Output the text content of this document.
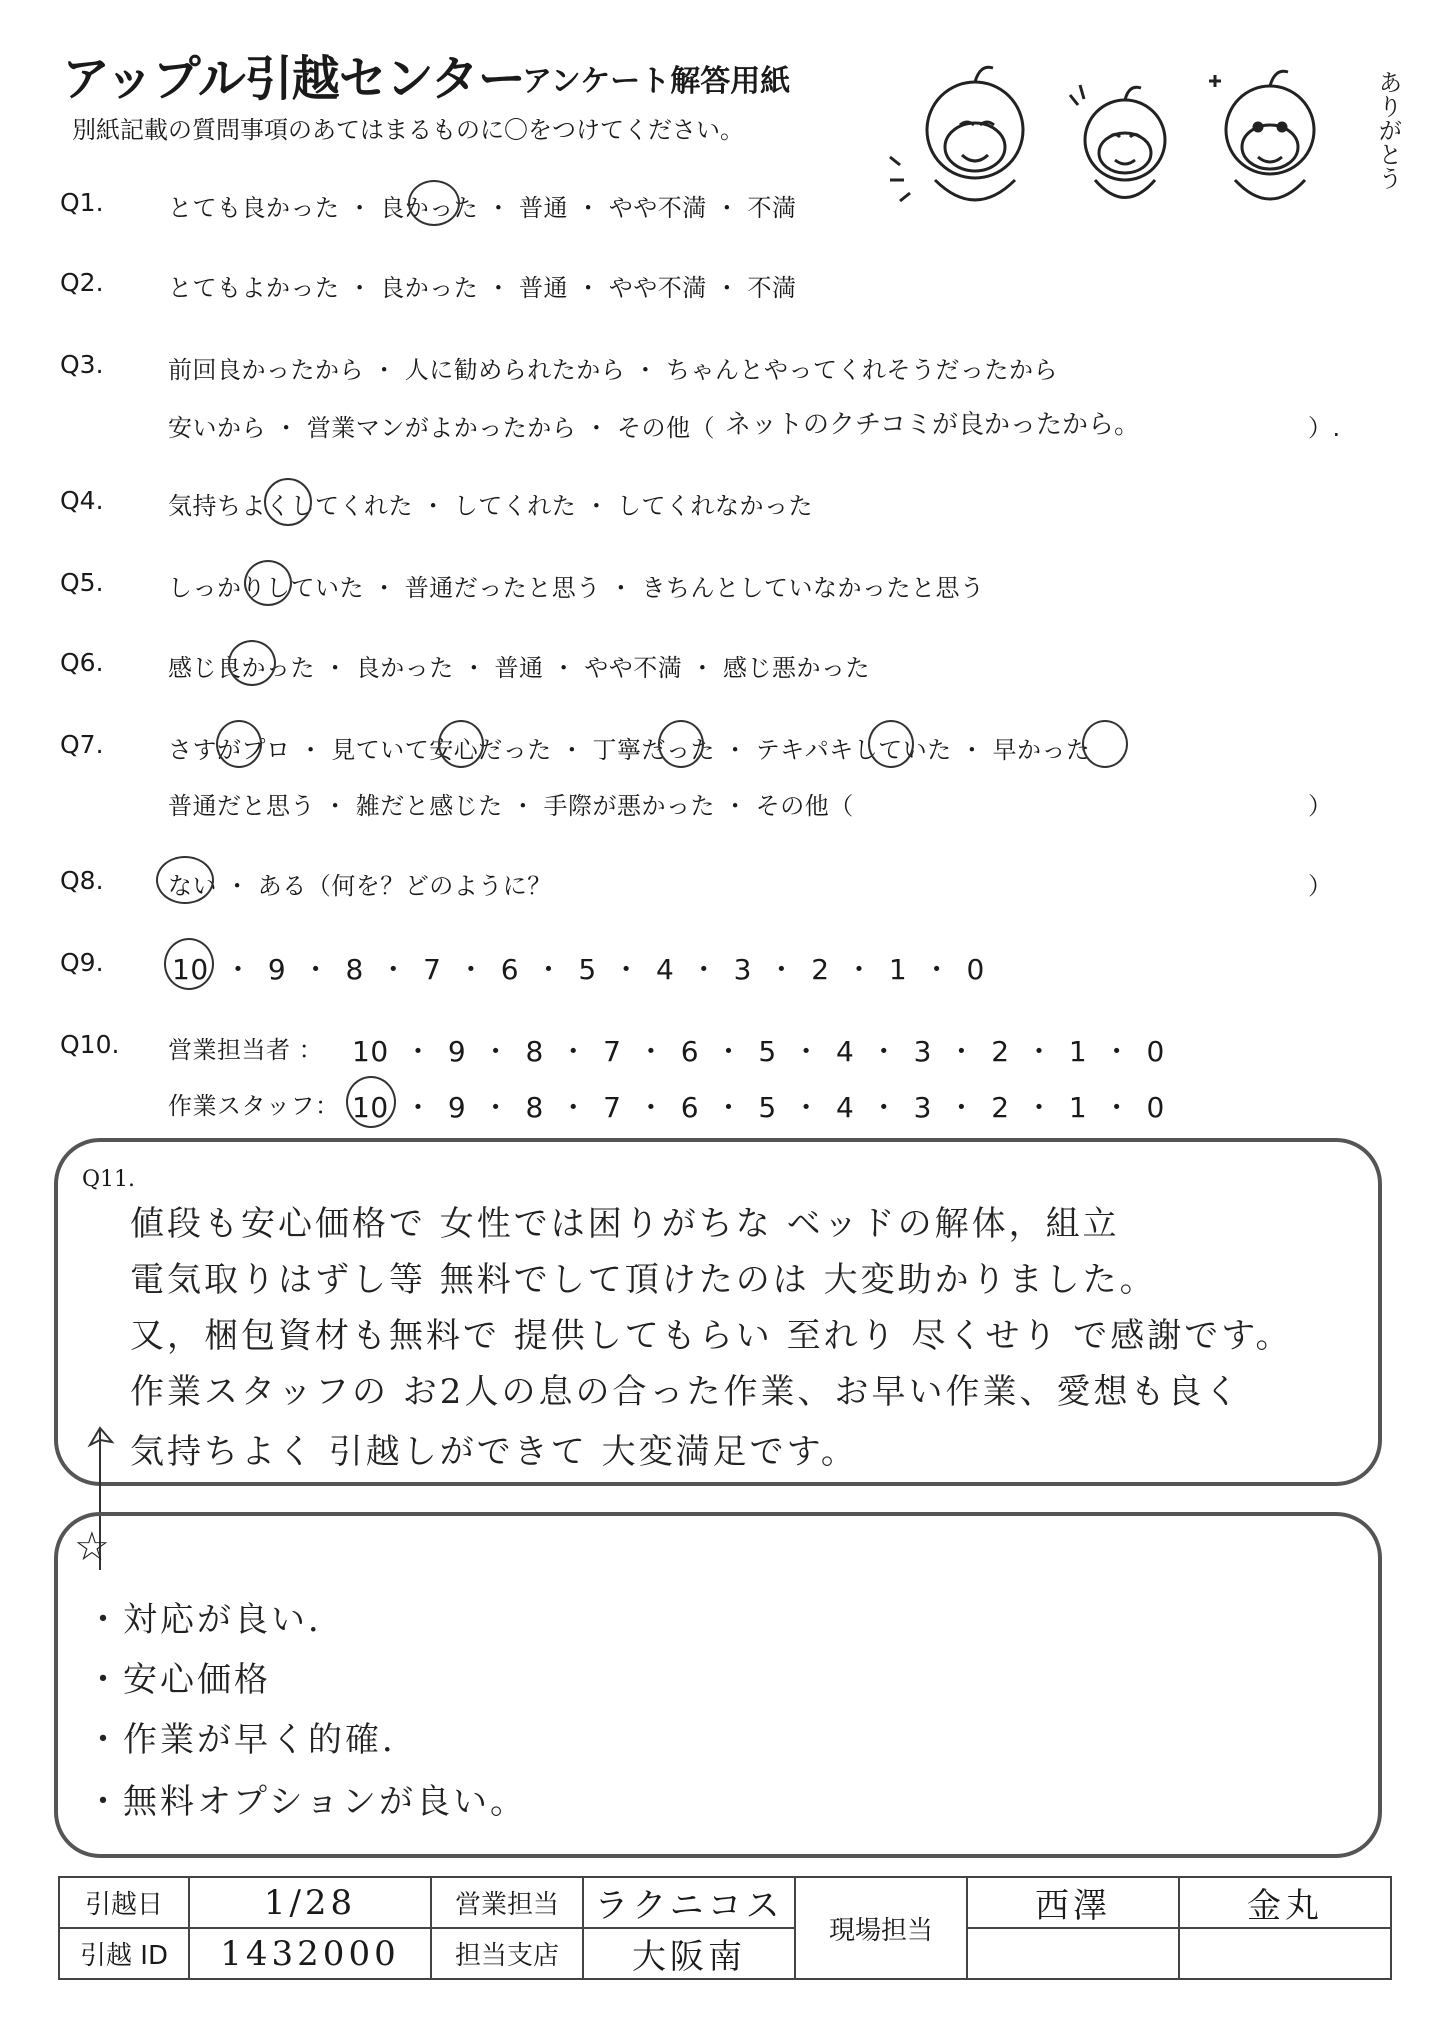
アップル引越センター
アンケート解答用紙
別紙記載の質問事項のあてはまるものに〇をつけてください。	ありがとう
Q1.	とても良かった ・ 良かった ・ 普通 ・ やや不満 ・ 不満
Q2.	とてもよかった ・ 良かった ・ 普通 ・ やや不満 ・ 不満
Q3.	前回良かったから ・ 人に勧められたから ・ ちゃんとやってくれそうだったから
安いから ・ 営業マンがよかったから ・ その他（ ネットのクチコミが良かったから。	）.
Q4.	気持ちよくしてくれた ・ してくれた ・ してくれなかった
Q5.	しっかりしていた ・ 普通だったと思う ・ きちんとしていなかったと思う
Q6.	感じ良かった ・ 良かった ・ 普通 ・ やや不満 ・ 感じ悪かった
Q7.	さすがプロ ・ 見ていて安心だった ・ 丁寧だった ・ テキパキしていた ・ 早かった
普通だと思う ・ 雑だと感じた ・ 手際が悪かった ・ その他（	）
Q8.	ない ・ ある（何を？どのように？	）
Q9. 10 ・ 9 ・ 8 ・ 7 ・ 6 ・ 5 ・ 4 ・ 3 ・ 2 ・ 1 ・ 0
Q10. 営業担当者 ： 10 ・ 9 ・ 8 ・ 7 ・ 6 ・ 5 ・ 4 ・ 3 ・ 2 ・ 1 ・ 0
作業スタッフ： 10 ・ 9 ・ 8 ・ 7 ・ 6 ・ 5 ・ 4 ・ 3 ・ 2 ・ 1 ・ 0
Q11.
値段も安心価格で 女性では困りがちな ベッドの解体，組立
電気取りはずし等 無料でして頂けたのは 大変助かりました。
又，梱包資材も無料で 提供してもらい 至れり 尽くせり で感謝です。
作業スタッフの お2人の息の合った作業、お早い作業、愛想も良く
気持ちよく 引越しができて 大変満足です。
☆
・対応が良い．
・安心価格
・作業が早く的確．
・無料オプションが良い。
引越日	1/28	営業担当	ラクニコス	現場担当	西澤	金丸
引越 ID	1432000	担当支店	大阪南			
